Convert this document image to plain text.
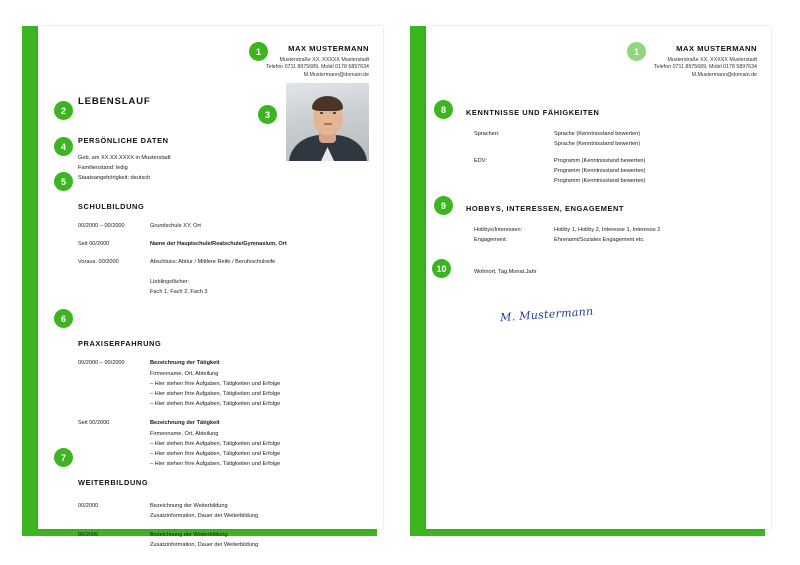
MAX MUSTERMANN
Musterstraße XX, XXXXX Musterstadt
Telefon 0711 8975689, Mobil 0178 5897634
M.Mustermann@domain.de
LEBENSLAUF
PERSÖNLICHE DATEN
Geb. am XX.XX.XXXX in Musterstadt
Familienstand: ledig
Staatsangehörigkeit: deutsch
SCHULBILDUNG
00/2000 – 00/2000	Grundschule XY, Ort
Seit 00/2000	Name der Hauptschule/Realschule/Gymnasium, Ort
Voraus. 00/2000	Abschluss: Abitur / Mittlere Reife / Berufsschulreife
Lieblingsfächer:
Fach 1, Fach 2, Fach 3
PRAXISERFAHRUNG
00/2000 – 00/2000	Bezeichnung der Tätigkeit
Firmenname, Ort, Abteilung
– Hier stehen Ihre Aufgaben, Tätigkeiten und Erfolge
– Hier stehen Ihre Aufgaben, Tätigkeiten und Erfolge
– Hier stehen Ihre Aufgaben, Tätigkeiten und Erfolge
Seit 00/2000	Bezeichnung der Tätigkeit
Firmenname, Ort, Abteilung
– Hier stehen Ihre Aufgaben, Tätigkeiten und Erfolge
– Hier stehen Ihre Aufgaben, Tätigkeiten und Erfolge
– Hier stehen Ihre Aufgaben, Tätigkeiten und Erfolge
WEITERBILDUNG
00/2000	Bezeichnung der Weiterbildung
Zusatzinformation, Dauer der Weiterbildung
00/2000	Bezeichnung der Weiterbildung
Zusatzinformation, Dauer der Weiterbildung
MAX MUSTERMANN
Musterstraße XX, XXXXX Musterstadt
Telefon 0711 8975689, Mobil 0178 5897634
M.Mustermann@domain.de
KENNTNISSE UND FÄHIGKEITEN
Sprachen:	Sprache (Kenntnisstand bewerten)
Sprache (Kenntnisstand bewerten)
EDV:	Programm (Kenntnisstand bewerten)
Programm (Kenntnisstand bewerten)
Programm (Kenntnisstand bewerten)
HOBBYS, INTERESSEN, ENGAGEMENT
Hobbys/Interessen:	Hobby 1, Hobby 2, Interesse 1, Interesse 2
Engagement:	Ehrenamt/Soziales Engagement etc.
Wohnort, Tag.Monat.Jahr
M. Mustermann
1
2	3
4
5
6
7
8
9
10
1
